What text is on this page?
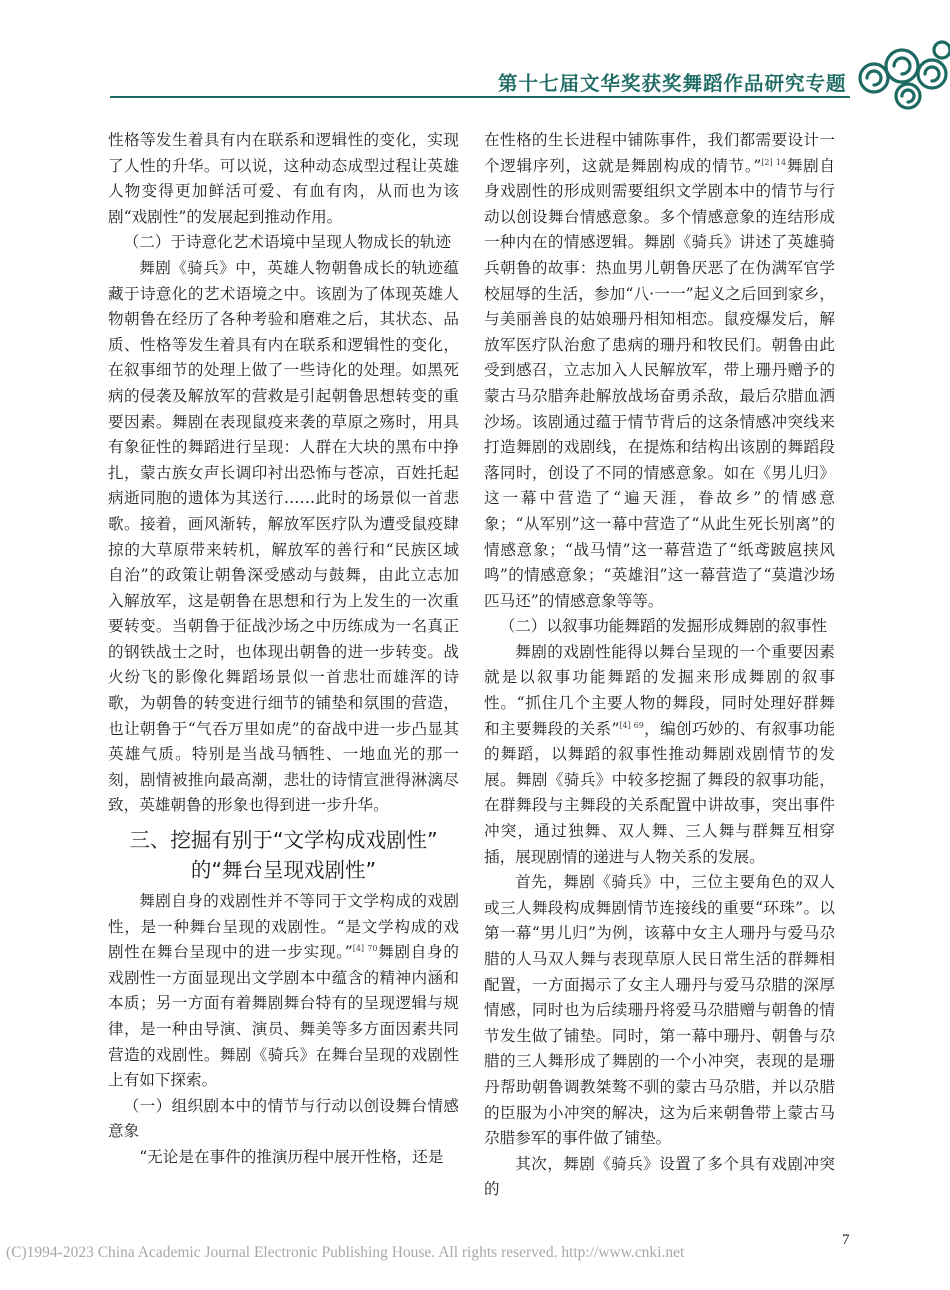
第十七届文华奖获奖舞蹈作品研究专题

性格等发生着具有内在联系和逻辑性的变化，实现了人性的升华。可以说，这种动态成型过程让英雄人物变得更加鲜活可爱、有血有肉，从而也为该剧“戏剧性”的发展起到推动作用。

（二）于诗意化艺术语境中呈现人物成长的轨迹

舞剧《骑兵》中，英雄人物朝鲁成长的轨迹蕴藏于诗意化的艺术语境之中。该剧为了体现英雄人物朝鲁在经历了各种考验和磨难之后，其状态、品质、性格等发生着具有内在联系和逻辑性的变化，在叙事细节的处理上做了一些诗化的处理。如黑死病的侵袭及解放军的营救是引起朝鲁思想转变的重要因素。舞剧在表现鼠疫来袭的草原之殇时，用具有象征性的舞蹈进行呈现：人群在大块的黑布中挣扎，蒙古族女声长调印衬出恐怖与苍凉，百姓托起病逝同胞的遗体为其送行……此时的场景似一首悲歌。接着，画风渐转，解放军医疗队为遭受鼠疫肆掠的大草原带来转机，解放军的善行和“民族区域自治”的政策让朝鲁深受感动与鼓舞，由此立志加入解放军，这是朝鲁在思想和行为上发生的一次重要转变。当朝鲁于征战沙场之中历练成为一名真正的钢铁战士之时，也体现出朝鲁的进一步转变。战火纷飞的影像化舞蹈场景似一首悲壮而雄浑的诗歌，为朝鲁的转变进行细节的铺垫和氛围的营造，也让朝鲁于“气吞万里如虎”的奋战中进一步凸显其英雄气质。特别是当战马牺牲、一地血光的那一刻，剧情被推向最高潮，悲壮的诗情宣泄得淋漓尽致，英雄朝鲁的形象也得到进一步升华。

三、挖掘有别于“文学构成戏剧性”
的“舞台呈现戏剧性”

舞剧自身的戏剧性并不等同于文学构成的戏剧性，是一种舞台呈现的戏剧性。“是文学构成的戏剧性在舞台呈现中的进一步实现。”$^{[4] 70}$舞剧自身的戏剧性一方面显现出文学剧本中蕴含的精神内涵和本质；另一方面有着舞剧舞台特有的呈现逻辑与规律，是一种由导演、演员、舞美等多方面因素共同营造的戏剧性。舞剧《骑兵》在舞台呈现的戏剧性上有如下探索。

（一）组织剧本中的情节与行动以创设舞台情感意象

“无论是在事件的推演历程中展开性格，还是

在性格的生长进程中铺陈事件，我们都需要设计一个逻辑序列，这就是舞剧构成的情节。”$^{[2] 14}$舞剧自身戏剧性的形成则需要组织文学剧本中的情节与行动以创设舞台情感意象。多个情感意象的连结形成一种内在的情感逻辑。舞剧《骑兵》讲述了英雄骑兵朝鲁的故事：热血男儿朝鲁厌恶了在伪满军官学校屈辱的生活，参加“八·一一”起义之后回到家乡，与美丽善良的姑娘珊丹相知相恋。鼠疫爆发后，解放军医疗队治愈了患病的珊丹和牧民们。朝鲁由此受到感召，立志加入人民解放军，带上珊丹赠予的蒙古马尕腊奔赴解放战场奋勇杀敌，最后尕腊血洒沙场。该剧通过蕴于情节背后的这条情感冲突线来打造舞剧的戏剧线，在提炼和结构出该剧的舞蹈段落同时，创设了不同的情感意象。如在《男儿归》这一幕中营造了“遍天涯，眷故乡”的情感意象；“从军别”这一幕中营造了“从此生死长别离”的情感意象；“战马情”这一幕营造了“纸鸢跛扈挟风鸣”的情感意象；“英雄泪”这一幕营造了“莫遣沙场匹马还”的情感意象等等。

（二）以叙事功能舞蹈的发掘形成舞剧的叙事性

舞剧的戏剧性能得以舞台呈现的一个重要因素就是以叙事功能舞蹈的发掘来形成舞剧的叙事性。“抓住几个主要人物的舞段，同时处理好群舞和主要舞段的关系”$^{[4] 69}$，编创巧妙的、有叙事功能的舞蹈，以舞蹈的叙事性推动舞剧戏剧情节的发展。舞剧《骑兵》中较多挖掘了舞段的叙事功能，在群舞段与主舞段的关系配置中讲故事，突出事件冲突，通过独舞、双人舞、三人舞与群舞互相穿插，展现剧情的递进与人物关系的发展。

首先，舞剧《骑兵》中，三位主要角色的双人或三人舞段构成舞剧情节连接线的重要“环珠”。以第一幕“男儿归”为例，该幕中女主人珊丹与爱马尕腊的人马双人舞与表现草原人民日常生活的群舞相配置，一方面揭示了女主人珊丹与爱马尕腊的深厚情感，同时也为后续珊丹将爱马尕腊赠与朝鲁的情节发生做了铺垫。同时，第一幕中珊丹、朝鲁与尕腊的三人舞形成了舞剧的一个小冲突，表现的是珊丹帮助朝鲁调教桀骜不驯的蒙古马尕腊，并以尕腊的臣服为小冲突的解决，这为后来朝鲁带上蒙古马尕腊参军的事件做了铺垫。

其次，舞剧《骑兵》设置了多个具有戏剧冲突的

(C)1994-2023 China Academic Journal Electronic Publishing House. All rights reserved. http://www.cnki.net
7
